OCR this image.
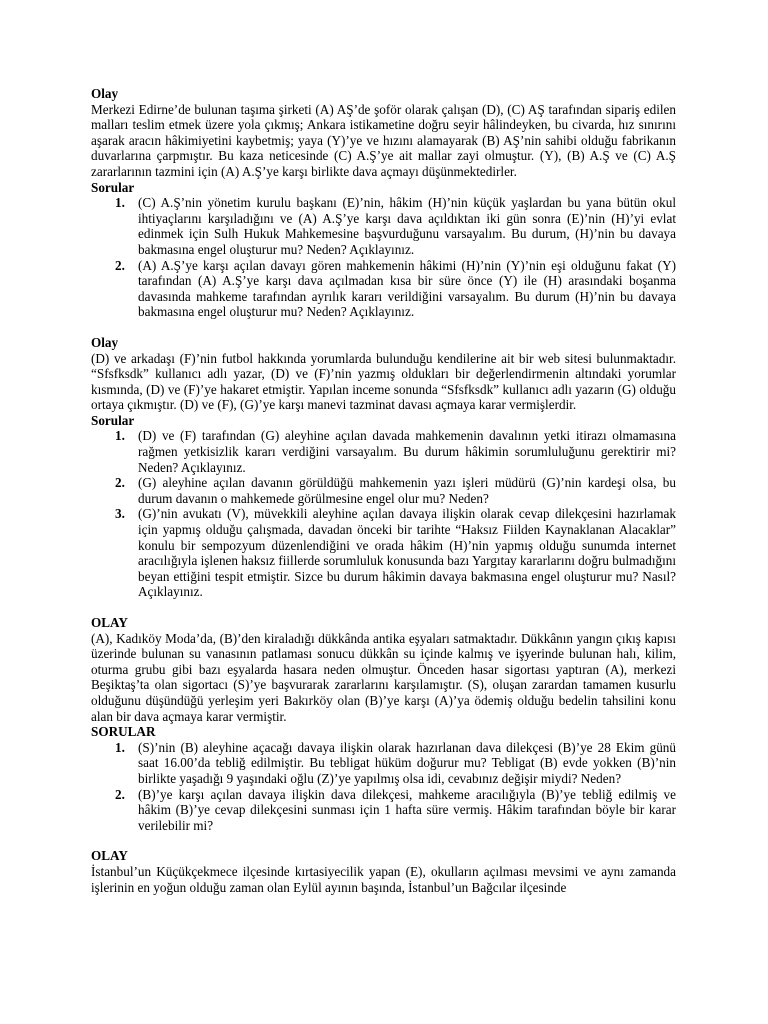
Olay

Merkezi Edirne’de bulunan taşıma şirketi (A) AŞ’de şoför olarak çalışan (D), (C) AŞ tarafından sipariş edilen malları teslim etmek üzere yola çıkmış; Ankara istikametine doğru seyir hâlindeyken, bu civarda, hız sınırını aşarak aracın hâkimiyetini kaybetmiş; yaya (Y)’ye ve hızını alamayarak (B) AŞ’nin sahibi olduğu fabrikanın duvarlarına çarpmıştır. Bu kaza neticesinde (C) A.Ş’ye ait mallar zayi olmuştur. (Y), (B) A.Ş ve (C) A.Ş zararlarının tazmini için (A) A.Ş’ye karşı birlikte dava açmayı düşünmektedirler.

Sorular
1. (C) A.Ş’nin yönetim kurulu başkanı (E)’nin, hâkim (H)’nin küçük yaşlardan bu yana bütün okul ihtiyaçlarını karşıladığını ve (A) A.Ş’ye karşı dava açıldıktan iki gün sonra (E)’nin (H)’yi evlat edinmek için Sulh Hukuk Mahkemesine başvurduğunu varsayalım. Bu durum, (H)’nin bu davaya bakmasına engel oluşturur mu? Neden? Açıklayınız.
2. (A) A.Ş’ye karşı açılan davayı gören mahkemenin hâkimi (H)’nin (Y)’nin eşi olduğunu fakat (Y) tarafından (A) A.Ş’ye karşı dava açılmadan kısa bir süre önce (Y) ile (H) arasındaki boşanma davasında mahkeme tarafından ayrılık kararı verildiğini varsayalım. Bu durum (H)’nin bu davaya bakmasına engel oluşturur mu? Neden? Açıklayınız.
Olay

(D) ve arkadaşı (F)’nin futbol hakkında yorumlarda bulunduğu kendilerine ait bir web sitesi bulunmaktadır. “Sfsfksdk” kullanıcı adlı yazar, (D) ve (F)’nin yazmış oldukları bir değerlendirmenin altındaki yorumlar kısmında, (D) ve (F)’ye hakaret etmiştir. Yapılan inceme sonunda “Sfsfksdk” kullanıcı adlı yazarın (G) olduğu ortaya çıkmıştır. (D) ve (F), (G)’ye karşı manevi tazminat davası açmaya karar vermişlerdir.

Sorular
1. (D) ve (F) tarafından (G) aleyhine açılan davada mahkemenin davalının yetki itirazı olmamasına rağmen yetkisizlik kararı verdiğini varsayalım. Bu durum hâkimin sorumluluğunu gerektirir mi? Neden? Açıklayınız.
2. (G) aleyhine açılan davanın görüldüğü mahkemenin yazı işleri müdürü (G)’nin kardeşi olsa, bu durum davanın o mahkemede görülmesine engel olur mu? Neden?
3. (G)’nin avukatı (V), müvekkili aleyhine açılan davaya ilişkin olarak cevap dilekçesini hazırlamak için yapmış olduğu çalışmada, davadan önceki bir tarihte “Haksız Fiilden Kaynaklanan Alacaklar” konulu bir sempozyum düzenlendiğini ve orada hâkim (H)’nin yapmış olduğu sunumda internet aracılığıyla işlenen haksız fiillerde sorumluluk konusunda bazı Yargıtay kararlarını doğru bulmadığını beyan ettiğini tespit etmiştir. Sizce bu durum hâkimin davaya bakmasına engel oluşturur mu? Nasıl? Açıklayınız.
OLAY

(A), Kadıköy Moda’da, (B)’den kiraladığı dükkânda antika eşyaları satmaktadır. Dükkânın yangın çıkış kapısı üzerinde bulunan su vanasının patlaması sonucu dükkân su içinde kalmış ve işyerinde bulunan halı, kilim, oturma grubu gibi bazı eşyalarda hasara neden olmuştur. Önceden hasar sigortası yaptıran (A), merkezi Beşiktaş’ta olan sigortacı (S)’ye başvurarak zararlarını karşılamıştır. (S), oluşan zarardan tamamen kusurlu olduğunu düşündüğü yerleşim yeri Bakırköy olan (B)’ye karşı (A)’ya ödemiş olduğu bedelin tahsilini konu alan bir dava açmaya karar vermiştir.

SORULAR
1. (S)’nin (B) aleyhine açacağı davaya ilişkin olarak hazırlanan dava dilekçesi (B)’ye 28 Ekim günü saat 16.00’da tebliğ edilmiştir. Bu tebligat hüküm doğurur mu? Tebligat (B) evde yokken (B)’nin birlikte yaşadığı 9 yaşındaki oğlu (Z)’ye yapılmış olsa idi, cevabınız değişir miydi? Neden?
2. (B)’ye karşı açılan davaya ilişkin dava dilekçesi, mahkeme aracılığıyla (B)’ye tebliğ edilmiş ve hâkim (B)’ye cevap dilekçesini sunması için 1 hafta süre vermiş. Hâkim tarafından böyle bir karar verilebilir mi?
OLAY

İstanbul’un Küçükçekmece ilçesinde kırtasiyecilik yapan (E), okulların açılması mevsimi ve aynı zamanda işlerinin en yoğun olduğu zaman olan Eylül ayının başında, İstanbul’un Bağcılar ilçesinde
